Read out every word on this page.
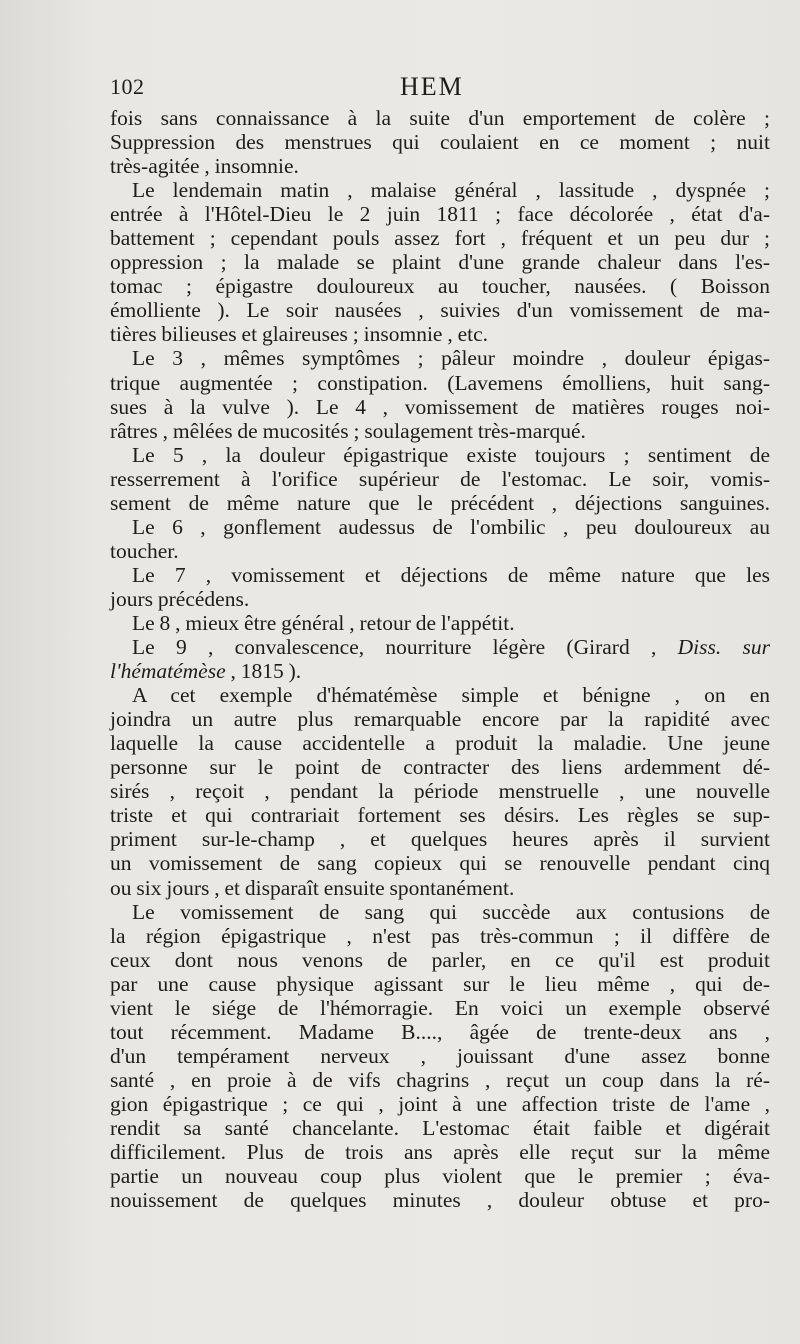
102	HEM
fois sans connaissance à la suite d'un emportement de colère ;
Suppression des menstrues qui coulaient en ce moment ; nuit
très-agitée , insomnie.
Le lendemain matin , malaise général , lassitude , dyspnée ;
entrée à l'Hôtel-Dieu le 2 juin 1811 ; face décolorée , état d'a-
battement ; cependant pouls assez fort , fréquent et un peu dur ;
oppression ; la malade se plaint d'une grande chaleur dans l'es-
tomac ; épigastre douloureux au toucher, nausées. ( Boisson
émolliente ). Le soir nausées , suivies d'un vomissement de ma-
tières bilieuses et glaireuses ; insomnie , etc.
Le 3 , mêmes symptômes ; pâleur moindre , douleur épigas-
trique augmentée ; constipation. (Lavemens émolliens, huit sang-
sues à la vulve ). Le 4 , vomissement de matières rouges noi-
râtres , mêlées de mucosités ; soulagement très-marqué.
Le 5 , la douleur épigastrique existe toujours ; sentiment de
resserrement à l'orifice supérieur de l'estomac. Le soir, vomis-
sement de même nature que le précédent , déjections sanguines.
Le 6 , gonflement audessus de l'ombilic , peu douloureux au
toucher.
Le 7 , vomissement et déjections de même nature que les
jours précédens.
Le 8 , mieux être général , retour de l'appétit.
Le 9 , convalescence, nourriture légère (Girard , Diss. sur
l'hématémèse , 1815 ).
A cet exemple d'hématémèse simple et bénigne , on en
joindra un autre plus remarquable encore par la rapidité avec
laquelle la cause accidentelle a produit la maladie. Une jeune
personne sur le point de contracter des liens ardemment dé-
sirés , reçoit , pendant la période menstruelle , une nouvelle
triste et qui contrariait fortement ses désirs. Les règles se sup-
priment sur-le-champ , et quelques heures après il survient
un vomissement de sang copieux qui se renouvelle pendant cinq
ou six jours , et disparaît ensuite spontanément.
Le vomissement de sang qui succède aux contusions de
la région épigastrique , n'est pas très-commun ; il diffère de
ceux dont nous venons de parler, en ce qu'il est produit
par une cause physique agissant sur le lieu même , qui de-
vient le siége de l'hémorragie. En voici un exemple observé
tout récemment. Madame B...., âgée de trente-deux ans ,
d'un tempérament nerveux , jouissant d'une assez bonne
santé , en proie à de vifs chagrins , reçut un coup dans la ré-
gion épigastrique ; ce qui , joint à une affection triste de l'ame ,
rendit sa santé chancelante. L'estomac était faible et digérait
difficilement. Plus de trois ans après elle reçut sur la même
partie un nouveau coup plus violent que le premier ; éva-
nouissement de quelques minutes , douleur obtuse et pro-
